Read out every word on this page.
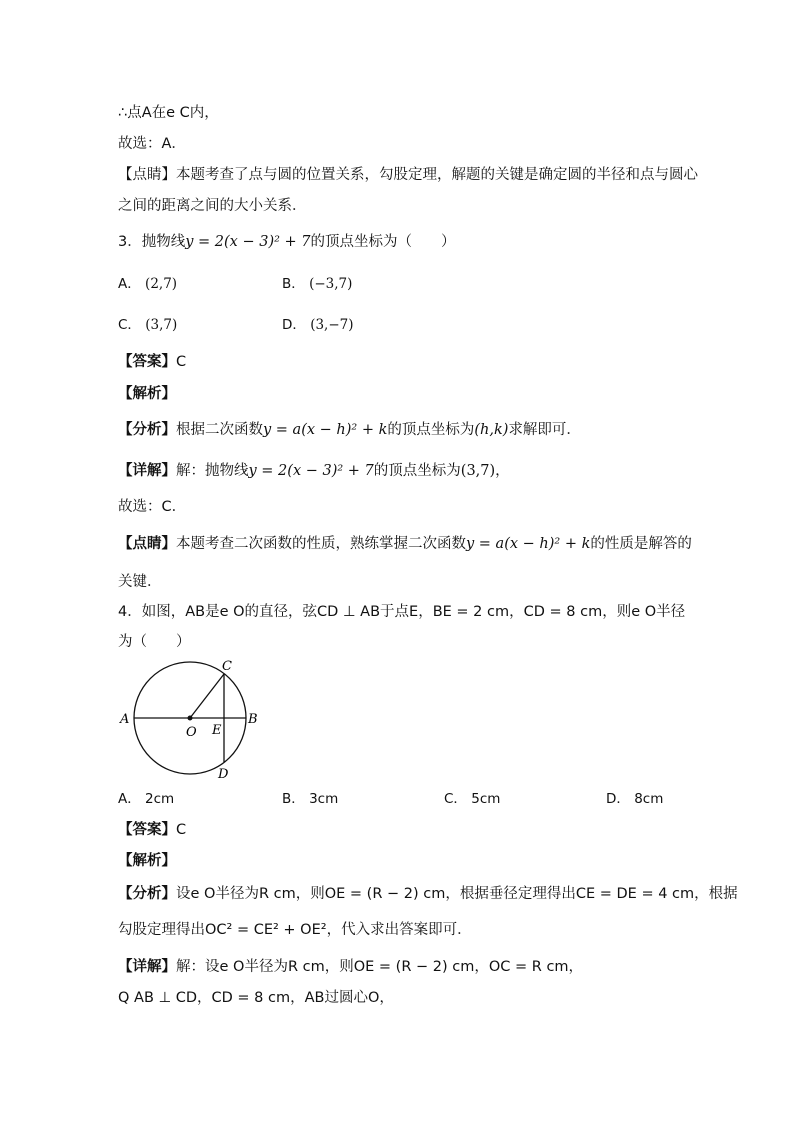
∴点A在e C内，
故选：A．
【点睛】本题考查了点与圆的位置关系，勾股定理，解题的关键是确定圆的半径和点与圆心
之间的距离之间的大小关系．
3．抛物线y = 2(x − 3)² + 7的顶点坐标为（　　）
A． (2,7)	B． (−3,7)
C． (3,7)	D． (3,−7)
【答案】C
【解析】
【分析】根据二次函数y = a(x − h)² + k的顶点坐标为(h,k)求解即可．
【详解】解：抛物线y = 2(x − 3)² + 7的顶点坐标为(3,7)，
故选：C．
【点睛】本题考查二次函数的性质，熟练掌握二次函数y = a(x − h)² + k的性质是解答的
关键．
4．如图，AB是e O的直径，弦CD ⊥ AB于点E，BE = 2 cm，CD = 8 cm，则e O半径
为（　　）
A	B
C
D
O E
A． 2cm	B． 3cm	C． 5cm	D． 8cm
【答案】C
【解析】
【分析】设e O半径为R cm，则OE = (R − 2) cm，根据垂径定理得出CE = DE = 4 cm，根据
勾股定理得出OC² = CE² + OE²，代入求出答案即可．
【详解】解：设e O半径为R cm，则OE = (R − 2) cm，OC = R cm，
Q AB ⊥ CD，CD = 8 cm，AB过圆心O，
